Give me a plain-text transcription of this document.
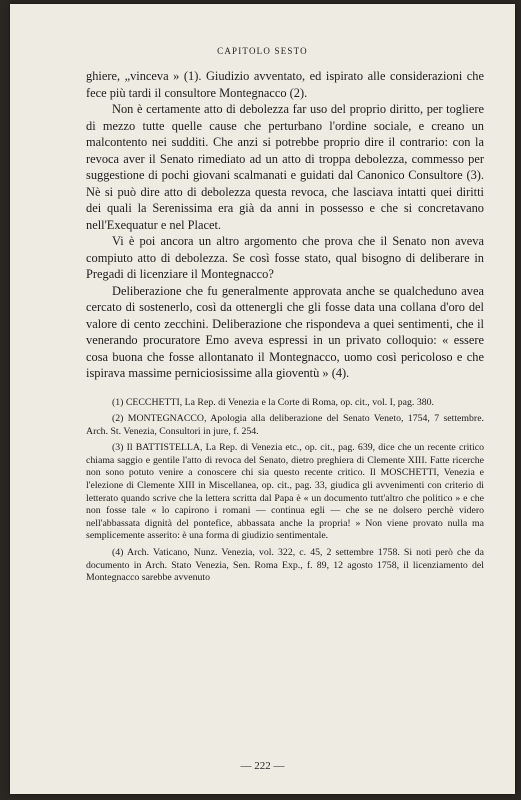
CAPITOLO SESTO

ghiere, „vinceva » (1). Giudizio avventato, ed ispirato alle considerazioni che fece più tardi il consultore Montegnacco (2).

Non è certamente atto di debolezza far uso del proprio diritto, per togliere di mezzo tutte quelle cause che perturbano l'ordine sociale, e creano un malcontento nei sudditi. Che anzi si potrebbe proprio dire il contrario: con la revoca aver il Senato rimediato ad un atto di troppa debolezza, commesso per suggestione di pochi giovani scalmanati e guidati dal Canonico Consultore (3). Nè si può dire atto di debolezza questa revoca, che lasciava intatti quei diritti dei quali la Serenissima era già da anni in possesso e che si concretavano nell'Exequatur e nel Placet.

Vi è poi ancora un altro argomento che prova che il Senato non aveva compiuto atto di debolezza. Se così fosse stato, qual bisogno di deliberare in Pregadi di licenziare il Montegnacco?

Deliberazione che fu generalmente approvata anche se qualcheduno avea cercato di sostenerlo, così da ottenergli che gli fosse data una collana d'oro del valore di cento zecchini. Deliberazione che rispondeva a quei sentimenti, che il venerando procuratore Emo aveva espressi in un privato colloquio: « essere cosa buona che fosse allontanato il Montegnacco, uomo così pericoloso e che ispirava massime perniciosissime alla gioventù » (4).

(1) CECCHETTI, La Rep. di Venezia e la Corte di Roma, op. cit., vol. I, pag. 380.

(2) MONTEGNACCO, Apologia alla deliberazione del Senato Veneto, 1754, 7 settembre. Arch. St. Venezia, Consultori in jure, f. 254.

(3) Il BATTISTELLA, La Rep. di Venezia etc., op. cit., pag. 639, dice che un recente critico chiama saggio e gentile l'atto di revoca del Senato, dietro preghiera di Clemente XIII. Fatte ricerche non sono potuto venire a conoscere chi sia questo recente critico. Il MOSCHETTI, Venezia e l'elezione di Clemente XIII in Miscellanea, op. cit., pag. 33, giudica gli avvenimenti con criterio di letterato quando scrive che la lettera scritta dal Papa è « un documento tutt'altro che politico » e che non fosse tale « lo capirono i romani — continua egli — che se ne dolsero perchè videro nell'abbassata dignità del pontefice, abbassata anche la propria! » Non viene provato nulla ma semplicemente asserito: è una forma di giudizio sentimentale.

(4) Arch. Vaticano, Nunz. Venezia, vol. 322, c. 45, 2 settembre 1758. Si noti però che da documento in Arch. Stato Venezia, Sen. Roma Exp., f. 89, 12 agosto 1758, il licenziamento del Montegnacco sarebbe avvenuto

— 222 —
